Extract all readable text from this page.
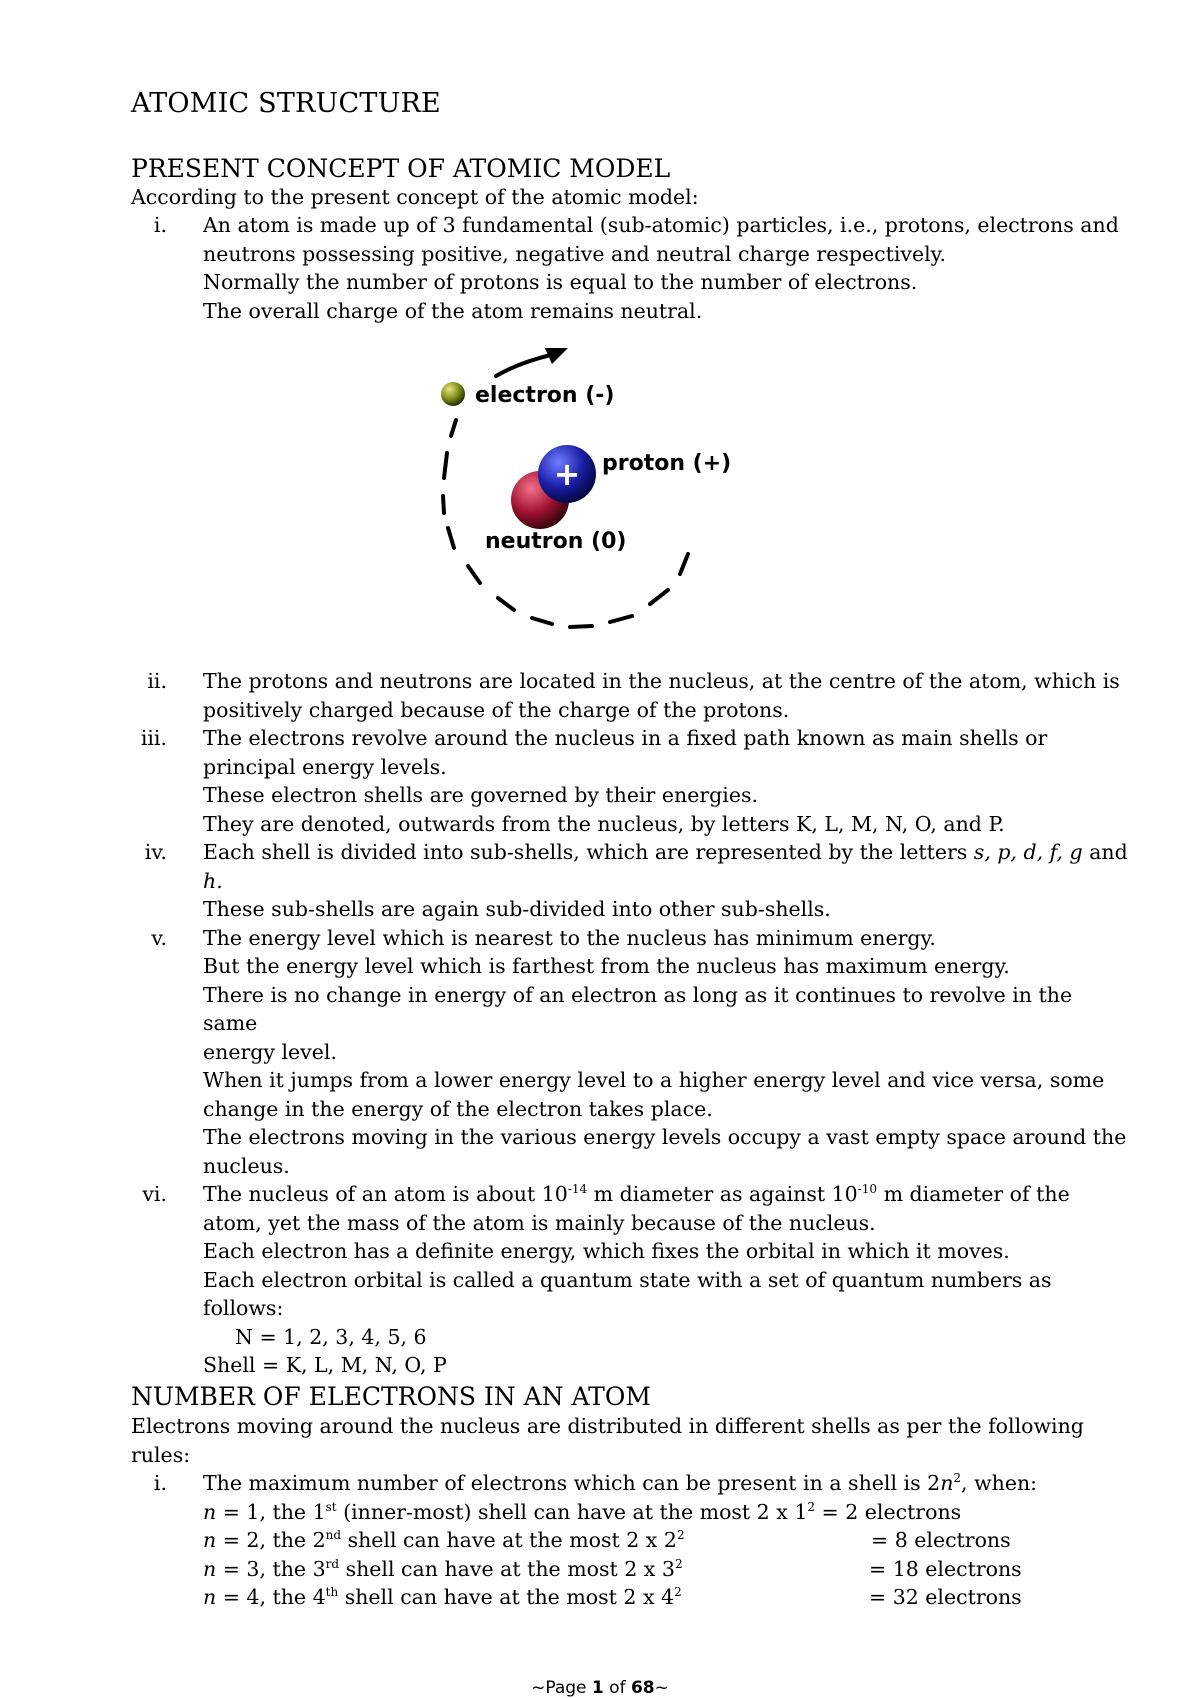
ATOMIC STRUCTURE
PRESENT CONCEPT OF ATOMIC MODEL
According to the present concept of the atomic model:
i. An atom is made up of 3 fundamental (sub-atomic) particles, i.e., protons, electrons and
neutrons possessing positive, negative and neutral charge respectively.
Normally the number of protons is equal to the number of electrons.
The overall charge of the atom remains neutral.
+
electron (-)
proton (+)
neutron (0)
ii. The protons and neutrons are located in the nucleus, at the centre of the atom, which is
positively charged because of the charge of the protons.
iii. The electrons revolve around the nucleus in a fixed path known as main shells or
principal energy levels.
These electron shells are governed by their energies.
They are denoted, outwards from the nucleus, by letters K, L, M, N, O, and P.
iv. Each shell is divided into sub-shells, which are represented by the letters s, p, d, f, g and
h.
These sub-shells are again sub-divided into other sub-shells.
v. The energy level which is nearest to the nucleus has minimum energy.
But the energy level which is farthest from the nucleus has maximum energy.
There is no change in energy of an electron as long as it continues to revolve in the same
energy level.
When it jumps from a lower energy level to a higher energy level and vice versa, some
change in the energy of the electron takes place.
The electrons moving in the various energy levels occupy a vast empty space around the
nucleus.
vi. The nucleus of an atom is about $10^{-14}$ m diameter as against $10^{-10}$ m diameter of the
atom, yet the mass of the atom is mainly because of the nucleus.
Each electron has a definite energy, which fixes the orbital in which it moves.
Each electron orbital is called a quantum state with a set of quantum numbers as
follows:
N = 1, 2, 3, 4, 5, 6
Shell = K, L, M, N, O, P
NUMBER OF ELECTRONS IN AN ATOM
Electrons moving around the nucleus are distributed in different shells as per the following
rules:
i. The maximum number of electrons which can be present in a shell is $2n^2$, when:
n = 1, the 1st (inner-most) shell can have at the most 2 x $1^2 = 2$ electrons
n = 2, the 2nd shell can have at the most 2 x $2^2$	= 8 electrons
n = 3, the 3rd shell can have at the most 2 x $3^2$	= 18 electrons
n = 4, the 4th shell can have at the most 2 x $4^2$	= 32 electrons
~Page 1 of 68~
